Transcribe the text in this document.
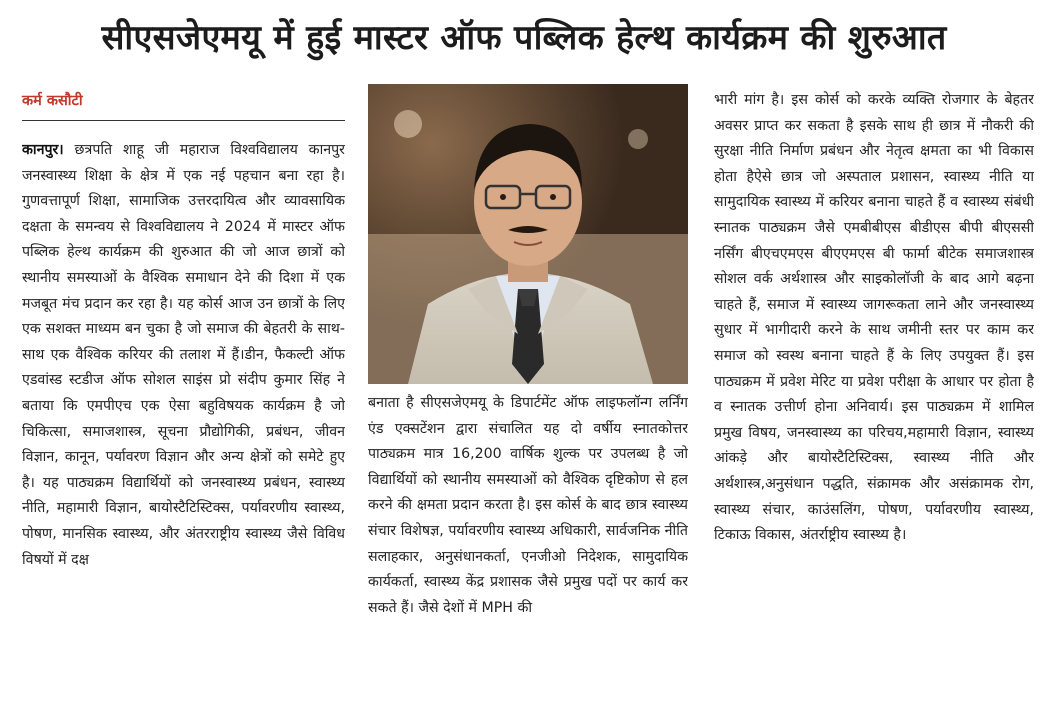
सीएसजेएमयू में हुई मास्टर ऑफ पब्लिक हेल्थ कार्यक्रम की शुरुआत
कर्म कसौटी
कानपुर। छत्रपति शाहू जी महाराज विश्वविद्यालय कानपुर जनस्वास्थ्य शिक्षा के क्षेत्र में एक नई पहचान बना रहा है। गुणवत्तापूर्ण शिक्षा, सामाजिक उत्तरदायित्व और व्यावसायिक दक्षता के समन्वय से विश्वविद्यालय ने 2024 में मास्टर ऑफ पब्लिक हेल्थ कार्यक्रम की शुरुआत की जो आज छात्रों को स्थानीय समस्याओं के वैश्विक समाधान देने की दिशा में एक मजबूत मंच प्रदान कर रहा है। यह कोर्स आज उन छात्रों के लिए एक सशक्त माध्यम बन चुका है जो समाज की बेहतरी के साथ-साथ एक वैश्विक करियर की तलाश में हैं।डीन, फैकल्टी ऑफ एडवांस्ड स्टडीज ऑफ सोशल साइंस प्रो संदीप कुमार सिंह ने बताया कि एमपीएच एक ऐसा बहुविषयक कार्यक्रम है जो चिकित्सा, समाजशास्त्र, सूचना प्रौद्योगिकी, प्रबंधन, जीवन विज्ञान, कानून, पर्यावरण विज्ञान और अन्य क्षेत्रों को समेटे हुए है। यह पाठ्यक्रम विद्यार्थियों को जनस्वास्थ्य प्रबंधन, स्वास्थ्य नीति, महामारी विज्ञान, बायोस्टैटिस्टिक्स, पर्यावरणीय स्वास्थ्य, पोषण, मानसिक स्वास्थ्य, और अंतरराष्ट्रीय स्वास्थ्य जैसे विविध विषयों में दक्ष
बनाता है सीएसजेएमयू के डिपार्टमेंट ऑफ लाइफलॉन्ग लर्निंग एंड एक्सटेंशन द्वारा संचालित यह दो वर्षीय स्नातकोत्तर पाठ्यक्रम मात्र 16,200 वार्षिक शुल्क पर उपलब्ध है जो विद्यार्थियों को स्थानीय समस्याओं को वैश्विक दृष्टिकोण से हल करने की क्षमता प्रदान करता है। इस कोर्स के बाद छात्र स्वास्थ्य संचार विशेषज्ञ, पर्यावरणीय स्वास्थ्य अधिकारी, सार्वजनिक नीति सलाहकार, अनुसंधानकर्ता, एनजीओ निदेशक, सामुदायिक कार्यकर्ता, स्वास्थ्य केंद्र प्रशासक जैसे प्रमुख पदों पर कार्य कर सकते हैं। जैसे देशों में MPH की
भारी मांग है। इस कोर्स को करके व्यक्ति रोजगार के बेहतर अवसर प्राप्त कर सकता है इसके साथ ही छात्र में नौकरी की सुरक्षा नीति निर्माण प्रबंधन और नेतृत्व क्षमता का भी विकास होता हैऐसे छात्र जो अस्पताल प्रशासन, स्वास्थ्य नीति या सामुदायिक स्वास्थ्य में करियर बनाना चाहते हैं व स्वास्थ्य संबंधी स्नातक पाठ्यक्रम जैसे एमबीबीएस बीडीएस बीपी बीएससी नर्सिंग बीएचएमएस बीएएमएस बी फार्मा बीटेक समाजशास्त्र सोशल वर्क अर्थशास्त्र और साइकोलॉजी के बाद आगे बढ़ना चाहते हैं, समाज में स्वास्थ्य जागरूकता लाने और जनस्वास्थ्य सुधार में भागीदारी करने के साथ जमीनी स्तर पर काम कर समाज को स्वस्थ बनाना चाहते हैं के लिए उपयुक्त हैं। इस पाठ्यक्रम में प्रवेश मेरिट या प्रवेश परीक्षा के आधार पर होता है व स्नातक उत्तीर्ण होना अनिवार्य। इस पाठ्यक्रम में शामिल प्रमुख विषय, जनस्वास्थ्य का परिचय,महामारी विज्ञान, स्वास्थ्य आंकड़े और बायोस्टैटिस्टिक्स, स्वास्थ्य नीति और अर्थशास्त्र,अनुसंधान पद्धति, संक्रामक और असंक्रामक रोग, स्वास्थ्य संचार, काउंसलिंग, पोषण, पर्यावरणीय स्वास्थ्य, टिकाऊ विकास, अंतर्राष्ट्रीय स्वास्थ्य है।
